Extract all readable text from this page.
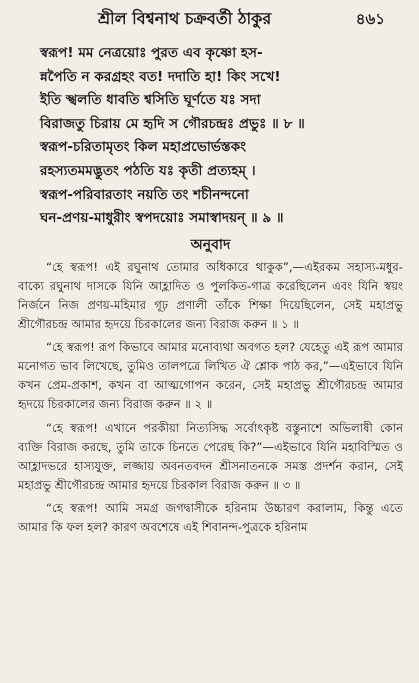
শ্রীল বিশ্বনাথ চক্রবর্তী ঠাকুর	৪৬১
স্বরূপ! মম নেত্রয়োঃ পুরত এব কৃষ্ণো হস-
ন্নপৈতি ন করগ্রহং বত! দদাতি হা! কিং সখে!
ইতি স্খলতি ধাবতি শ্বসিতি ঘূর্ণতে যঃ সদা
বিরাজতু চিরায় মে হৃদি স গৌরচন্দ্রঃ প্রভুঃ ॥ ৮ ॥
স্বরূপ-চরিতামৃতং কিল মহাপ্রভোর্ভস্তকং
রহস্যতমমদ্ভুতং পঠতি যঃ কৃতী প্রত্যহম্ ।
স্বরূপ-পরিবারতাং নয়তি তং শচীনন্দনো
ঘন-প্রণয়-মাধুরীং স্বপদয়োঃ সমাস্বাদয়ন্ ॥ ৯ ॥
অনুবাদ

“হে স্বরূপ! এই রঘুনাথ তোমার অধিকারে থাকুক”,—এইরকম সহাস্য-মধুর-বাক্যে রঘুনাথ দাসকে যিনি আহ্লাদিত ও পুলকিত-গাত্র করেছিলেন এবং যিনি স্বয়ং নির্জনে নিজ প্রণয়-মহিমার গূঢ় প্রণালী তাঁকে শিক্ষা দিয়েছিলেন, সেই মহাপ্রভু শ্রীগৌরচন্দ্র আমার হৃদয়ে চিরকালের জন্য বিরাজ করুন ॥ ১ ॥

“হে স্বরূপ! রূপ কিভাবে আমার মনোব্যথা অবগত হল? যেহেতু এই রূপ আমার মনোগত ভাব লিখেছে, তুমিও তালপত্রে লিখিত ঐ শ্লোক পাঠ কর,”—এইভাবে যিনি কখন প্রেম-প্রকাশ, কখন বা আত্মগোপন করেন, সেই মহাপ্রভু শ্রীগৌরচন্দ্র আমার হৃদয়ে চিরকালের জন্য বিরাজ করুন ॥ ২ ॥

“হে স্বরূপ! এখানে পরকীয়া নিত্যসিদ্ধ সর্বোৎকৃষ্ট বস্তুনাশে অভিলাষী কোন ব্যক্তি বিরাজ করছে, তুমি তাকে চিনতে পেরেছ কি?”—এইভাবে যিনি মহাবিস্মিত ও আহ্লাদভরে হাস্যযুক্ত, লজ্জায় অবনতবদন শ্রীসনাতনকে সমস্ত প্রদর্শন করান, সেই মহাপ্রভু শ্রীগৌরচন্দ্র আমার হৃদয়ে চিরকাল বিরাজ করুন ॥ ৩ ॥

“হে স্বরূপ! আমি সমগ্র জগদ্বাসীকে হরিনাম উচ্চারণ করালাম, কিন্তু এতে আমার কি ফল হল? কারণ অবশেষে এই শিবানন্দ-পুত্রকে হরিনাম
